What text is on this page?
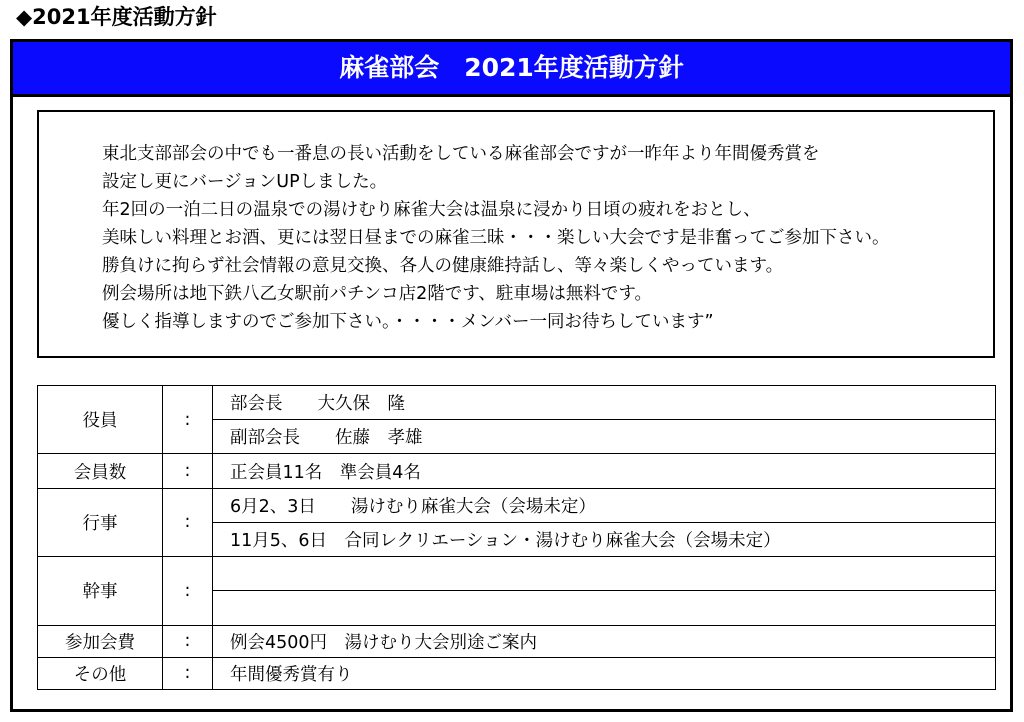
◆2021年度活動方針
麻雀部会　2021年度活動方針
東北支部部会の中でも一番息の長い活動をしている麻雀部会ですが一昨年より年間優秀賞を
設定し更にバージョンUPしました。
年2回の一泊二日の温泉での湯けむり麻雀大会は温泉に浸かり日頃の疲れをおとし、
美味しい料理とお酒、更には翌日昼までの麻雀三昧・・・楽しい大会です是非奮ってご参加下さい。
勝負けに拘らず社会情報の意見交換、各人の健康維持話し、等々楽しくやっています。
例会場所は地下鉄八乙女駅前パチンコ店2階です、駐車場は無料です。
優しく指導しますのでご参加下さい。・・・・メンバー一同お待ちしています”
役員	:	部会長　　大久保　隆
		副部会長　　佐藤　孝雄
会員数	:	正会員11名　準会員4名
行事	:	6月2、3日　　湯けむり麻雀大会（会場未定）
		11月5、6日　合同レクリエーション・湯けむり麻雀大会（会場未定）
幹事	:	

参加会費	:	例会4500円　湯けむり大会別途ご案内
その他	:	年間優秀賞有り
